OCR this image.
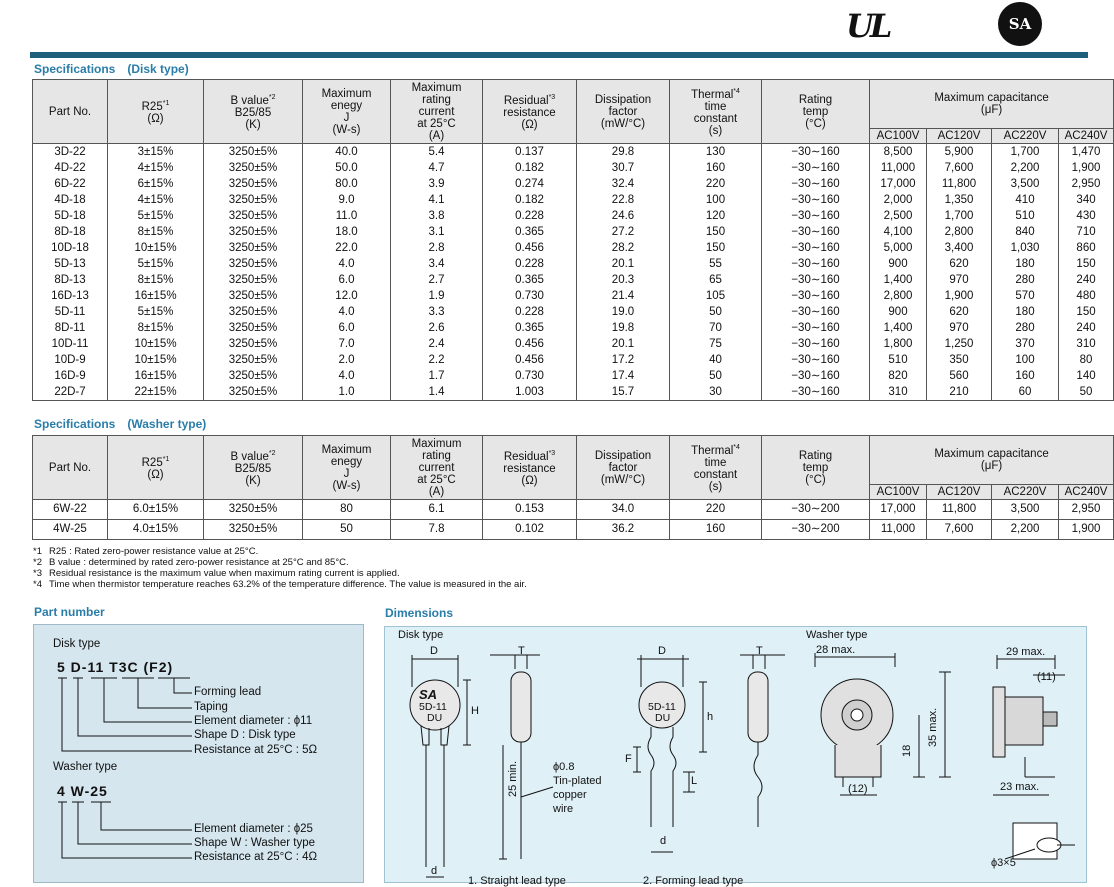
UL	SA
Specifications (Disk type)
Part No.	R25$^{*1}$
(Ω)	B value$^{*2}$
B25/85
(K)	Maximum
enegy
J
(W-s)	Maximum
rating
current
at 25°C
(A)	Residual$^{*3}$
resistance
(Ω)	Dissipation
factor
(mW/°C)	Thermal$^{*4}$
time
constant
(s)	Rating
temp
(°C)	Maximum capacitance
(μF)			
									AC100V	AC120V	AC220V	AC240V
3D-22	3±15%	3250±5%	40.0	5.4	0.137	29.8	130	−30∼160	8,500	5,900	1,700	1,470
4D-22	4±15%	3250±5%	50.0	4.7	0.182	30.7	160	−30∼160	11,000	7,600	2,200	1,900
6D-22	6±15%	3250±5%	80.0	3.9	0.274	32.4	220	−30∼160	17,000	11,800	3,500	2,950
4D-18	4±15%	3250±5%	9.0	4.1	0.182	22.8	100	−30∼160	2,000	1,350	410	340
5D-18	5±15%	3250±5%	11.0	3.8	0.228	24.6	120	−30∼160	2,500	1,700	510	430
8D-18	8±15%	3250±5%	18.0	3.1	0.365	27.2	150	−30∼160	4,100	2,800	840	710
10D-18	10±15%	3250±5%	22.0	2.8	0.456	28.2	150	−30∼160	5,000	3,400	1,030	860
5D-13	5±15%	3250±5%	4.0	3.4	0.228	20.1	55	−30∼160	900	620	180	150
8D-13	8±15%	3250±5%	6.0	2.7	0.365	20.3	65	−30∼160	1,400	970	280	240
16D-13	16±15%	3250±5%	12.0	1.9	0.730	21.4	105	−30∼160	2,800	1,900	570	480
5D-11	5±15%	3250±5%	4.0	3.3	0.228	19.0	50	−30∼160	900	620	180	150
8D-11	8±15%	3250±5%	6.0	2.6	0.365	19.8	70	−30∼160	1,400	970	280	240
10D-11	10±15%	3250±5%	7.0	2.4	0.456	20.1	75	−30∼160	1,800	1,250	370	310
10D-9	10±15%	3250±5%	2.0	2.2	0.456	17.2	40	−30∼160	510	350	100	80
16D-9	16±15%	3250±5%	4.0	1.7	0.730	17.4	50	−30∼160	820	560	160	140
22D-7	22±15%	3250±5%	1.0	1.4	1.003	15.7	30	−30∼160	310	210	60	50
Specifications (Washer type)
Part No.	R25$^{*1}$
(Ω)	B value$^{*2}$
B25/85
(K)	Maximum
enegy
J
(W-s)	Maximum
rating
current
at 25°C
(A)	Residual$^{*3}$
resistance
(Ω)	Dissipation
factor
(mW/°C)	Thermal$^{*4}$
time
constant
(s)	Rating
temp
(°C)	Maximum capacitance
(μF)			
									AC100V	AC120V	AC220V	AC240V
6W-22	6.0±15%	3250±5%	80	6.1	0.153	34.0	220	−30∼200	17,000	11,800	3,500	2,950
4W-25	4.0±15%	3250±5%	50	7.8	0.102	36.2	160	−30∼200	11,000	7,600	2,200	1,900
*1 R25 : Rated zero-power resistance value at 25°C.
*2 B value : determined by rated zero-power resistance at 25°C and 85°C.
*3 Residual resistance is the maximum value when maximum rating current is applied.
*4 Time when thermistor temperature reaches 63.2% of the temperature difference. The value is measured in the air.
Part number
Disk type
5 D-11 T3C (F2)
Forming lead
Taping
Element diameter : ϕ11
Shape D : Disk type
Resistance at 25°C : 5Ω
Washer type
4 W-25
Element diameter : ϕ25
Shape W : Washer type
Resistance at 25°C : 4Ω
Dimensions
Disk type	Washer type
D	T	D	T
SA
5D-11
DU
5D-11
DU
H	h
F
L
d
d
25 min.	ϕ0.8
Tin-plated
copper
wire
28 max.	29 max.
(11)
35 max.
18
(12)	23 max.
ϕ3×5
1. Straight lead type	2. Forming lead type
